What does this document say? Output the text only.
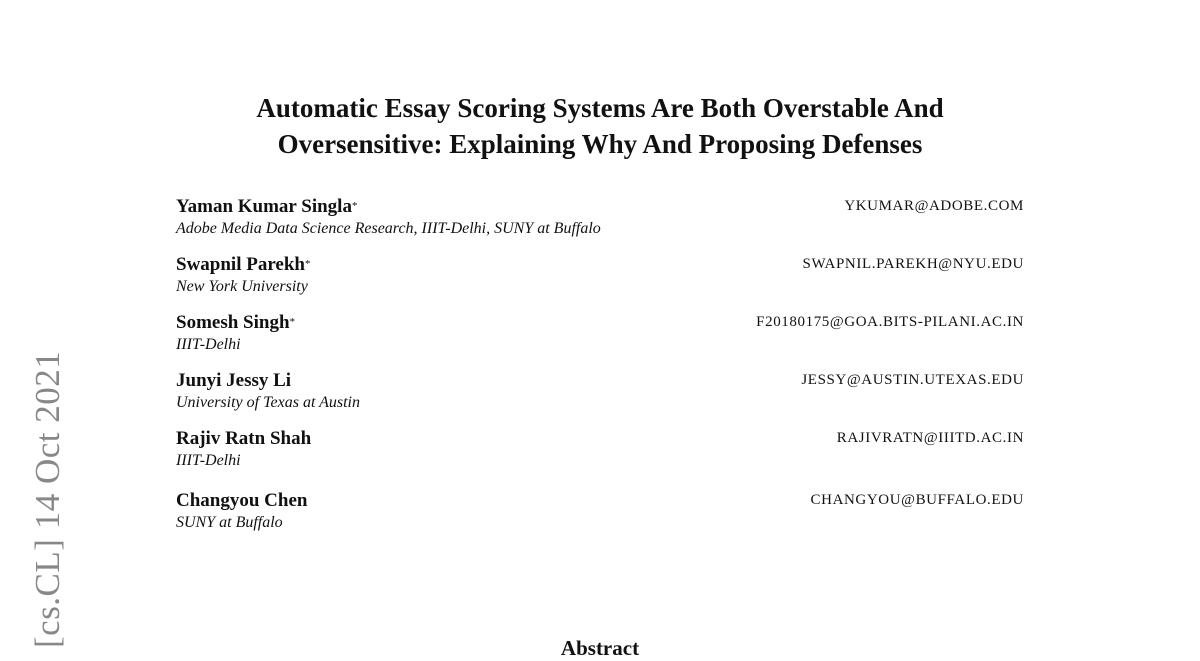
Automatic Essay Scoring Systems Are Both Overstable And
Oversensitive: Explaining Why And Proposing Defenses
Yaman Kumar Singla*
Adobe Media Data Science Research, IIIT-Delhi, SUNY at Buffalo
YKUMAR@ADOBE.COM
Swapnil Parekh*
New York University
SWAPNIL.PAREKH@NYU.EDU
Somesh Singh*
IIIT-Delhi
F20180175@GOA.BITS-PILANI.AC.IN
Junyi Jessy Li
University of Texas at Austin
JESSY@AUSTIN.UTEXAS.EDU
Rajiv Ratn Shah
IIIT-Delhi
RAJIVRATN@IIITD.AC.IN
Changyou Chen
SUNY at Buffalo
CHANGYOU@BUFFALO.EDU
[cs.CL] 14 Oct 2021	Abstract
